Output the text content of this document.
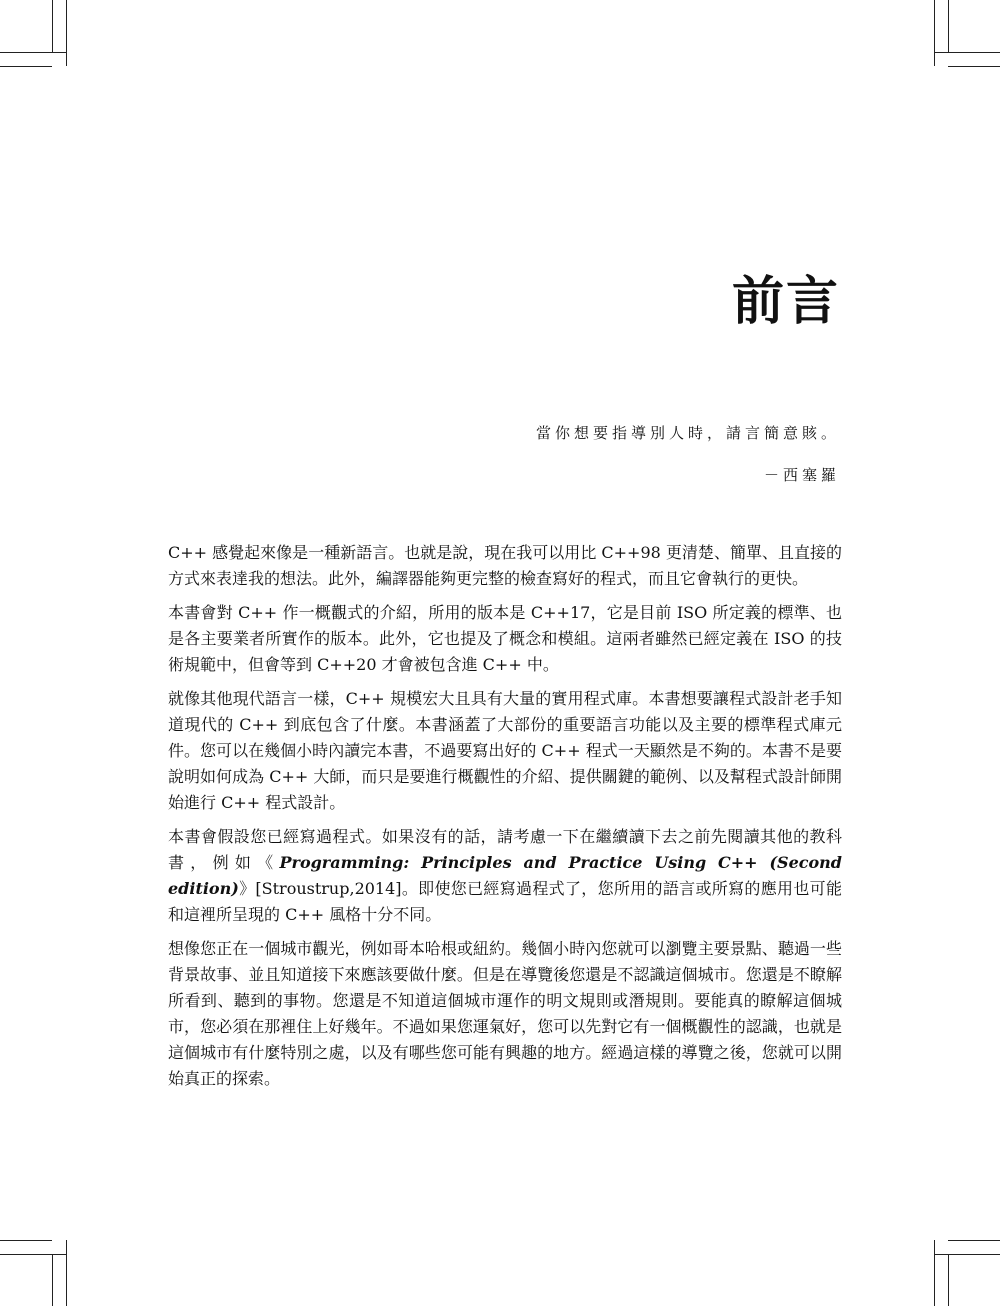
前言
當你想要指導別人時，請言簡意賅。
－西塞羅

C++ 感覺起來像是一種新語言。也就是說，現在我可以用比 C++98 更清楚、簡單、且直接的方式來表達我的想法。此外，編譯器能夠更完整的檢查寫好的程式，而且它會執行的更快。

本書會對 C++ 作一概觀式的介紹，所用的版本是 C++17，它是目前 ISO 所定義的標準、也是各主要業者所實作的版本。此外，它也提及了概念和模組。這兩者雖然已經定義在 ISO 的技術規範中，但會等到 C++20 才會被包含進 C++ 中。

就像其他現代語言一樣，C++ 規模宏大且具有大量的實用程式庫。本書想要讓程式設計老手知道現代的 C++ 到底包含了什麼。本書涵蓋了大部份的重要語言功能以及主要的標準程式庫元件。您可以在幾個小時內讀完本書，不過要寫出好的 C++ 程式一天顯然是不夠的。本書不是要說明如何成為 C++ 大師，而只是要進行概觀性的介紹、提供關鍵的範例、以及幫程式設計師開始進行 C++ 程式設計。

本書會假設您已經寫過程式。如果沒有的話，請考慮一下在繼續讀下去之前先閱讀其他的教科書，例如《Programming: Principles and Practice Using C++ (Second edition)》[Stroustrup,2014]。即使您已經寫過程式了，您所用的語言或所寫的應用也可能和這裡所呈現的 C++ 風格十分不同。

想像您正在一個城市觀光，例如哥本哈根或紐約。幾個小時內您就可以瀏覽主要景點、聽過一些背景故事、並且知道接下來應該要做什麼。但是在導覽後您還是不認識這個城市。您還是不瞭解所看到、聽到的事物。您還是不知道這個城市運作的明文規則或潛規則。要能真的瞭解這個城市，您必須在那裡住上好幾年。不過如果您運氣好，您可以先對它有一個概觀性的認識，也就是這個城市有什麼特別之處，以及有哪些您可能有興趣的地方。經過這樣的導覽之後，您就可以開始真正的探索。
